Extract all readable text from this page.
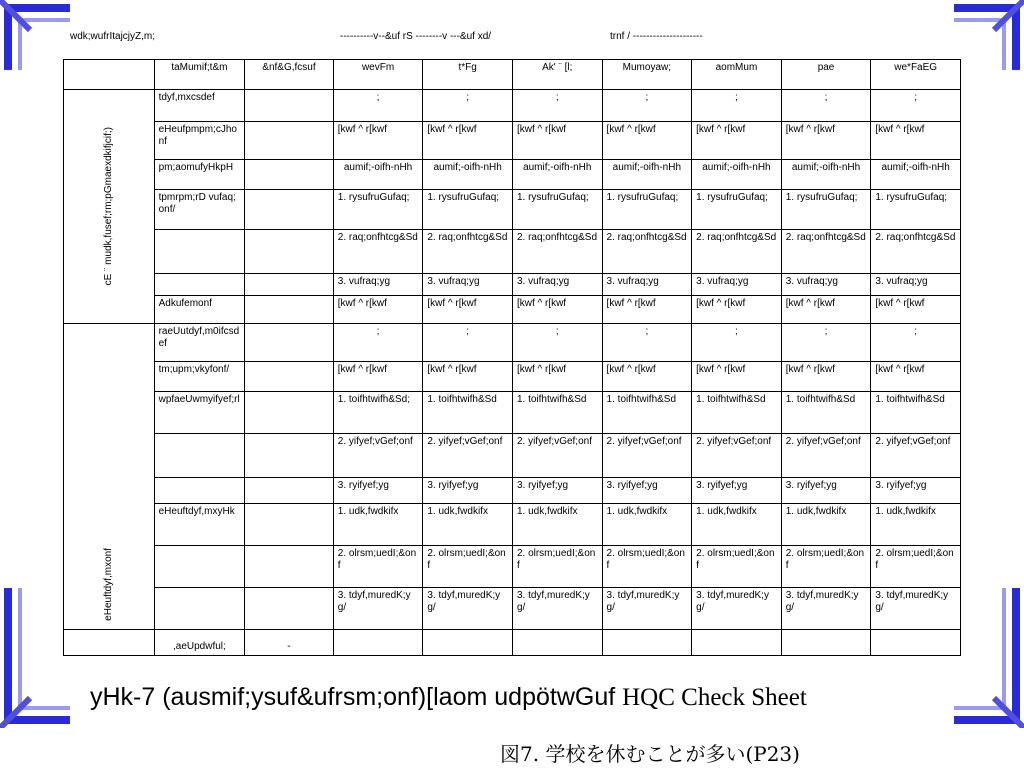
wdk;wufrItajcjyZ,m;	----------v--&uf rS --------v ---&uf xd/	trnf / ---------------------
	taMumif;t&m	&nf&G,fcsuf	wevFm	t*Fg	Ak' ¨ [l;	Mumoyaw;	aomMum	pae	we*FaEG

cE ¨ mudk,fusef;rm;pGmaexdkifjcif;)	tdyf,mxcsdef		;	;	;	;	;	;	;
	eHeufpmpm;cJhonf		[kwf ^ r[kwf	[kwf ^ r[kwf	[kwf ^ r[kwf	[kwf ^ r[kwf	[kwf ^ r[kwf	[kwf ^ r[kwf	[kwf ^ r[kwf
	pm;aomufyHkpH		aumif;-oifh-nHh	aumif;-oifh-nHh	aumif;-oifh-nHh	aumif;-oifh-nHh	aumif;-oifh-nHh	aumif;-oifh-nHh	aumif;-oifh-nHh
	tpmrpm;rD vufaq;onf/		1. rysufruGufaq;	1. rysufruGufaq;	1. rysufruGufaq;	1. rysufruGufaq;	1. rysufruGufaq;	1. rysufruGufaq;	1. rysufruGufaq;
			2. raq;onfhtcg&Sd	2. raq;onfhtcg&Sd	2. raq;onfhtcg&Sd	2. raq;onfhtcg&Sd	2. raq;onfhtcg&Sd	2. raq;onfhtcg&Sd	2. raq;onfhtcg&Sd
			3. vufraq;yg	3. vufraq;yg	3. vufraq;yg	3. vufraq;yg	3. vufraq;yg	3. vufraq;yg	3. vufraq;yg
	Adkufemonf		[kwf ^ r[kwf	[kwf ^ r[kwf	[kwf ^ r[kwf	[kwf ^ r[kwf	[kwf ^ r[kwf	[kwf ^ r[kwf	[kwf ^ r[kwf

eHeuftdyf,mxonf	raeUutdyf,m0ifcsdef		;	;	;	;	;	;	;
	tm;upm;vkyfonf/		[kwf ^ r[kwf	[kwf ^ r[kwf	[kwf ^ r[kwf	[kwf ^ r[kwf	[kwf ^ r[kwf	[kwf ^ r[kwf	[kwf ^ r[kwf
	wpfaeUwmyifyef;rl		1. toifhtwifh&Sd;	1. toifhtwifh&Sd	1. toifhtwifh&Sd	1. toifhtwifh&Sd	1. toifhtwifh&Sd	1. toifhtwifh&Sd	1. toifhtwifh&Sd
			2. yifyef;vGef;onf	2. yifyef;vGef;onf	2. yifyef;vGef;onf	2. yifyef;vGef;onf	2. yifyef;vGef;onf	2. yifyef;vGef;onf	2. yifyef;vGef;onf
			3. ryifyef;yg	3. ryifyef;yg	3. ryifyef;yg	3. ryifyef;yg	3. ryifyef;yg	3. ryifyef;yg	3. ryifyef;yg
	eHeuftdyf,mxyHk		1. udk,fwdkifx	1. udk,fwdkifx	1. udk,fwdkifx	1. udk,fwdkifx	1. udk,fwdkifx	1. udk,fwdkifx	1. udk,fwdkifx
			2. olrsm;uedI;&onf	2. olrsm;uedI;&onf	2. olrsm;uedI;&onf	2. olrsm;uedI;&onf	2. olrsm;uedI;&onf	2. olrsm;uedI;&onf	2. olrsm;uedI;&onf
			3. tdyf,muredK;yg/	3. tdyf,muredK;yg/	3. tdyf,muredK;yg/	3. tdyf,muredK;yg/	3. tdyf,muredK;yg/	3. tdyf,muredK;yg/	3. tdyf,muredK;yg/
	,aeUpdwful;	-							
yHk-7 (ausmif;ysuf&ufrsm;onf)[laom udpötwGuf HQC Check Sheet
図7. 学校を休むことが多い(P23)
